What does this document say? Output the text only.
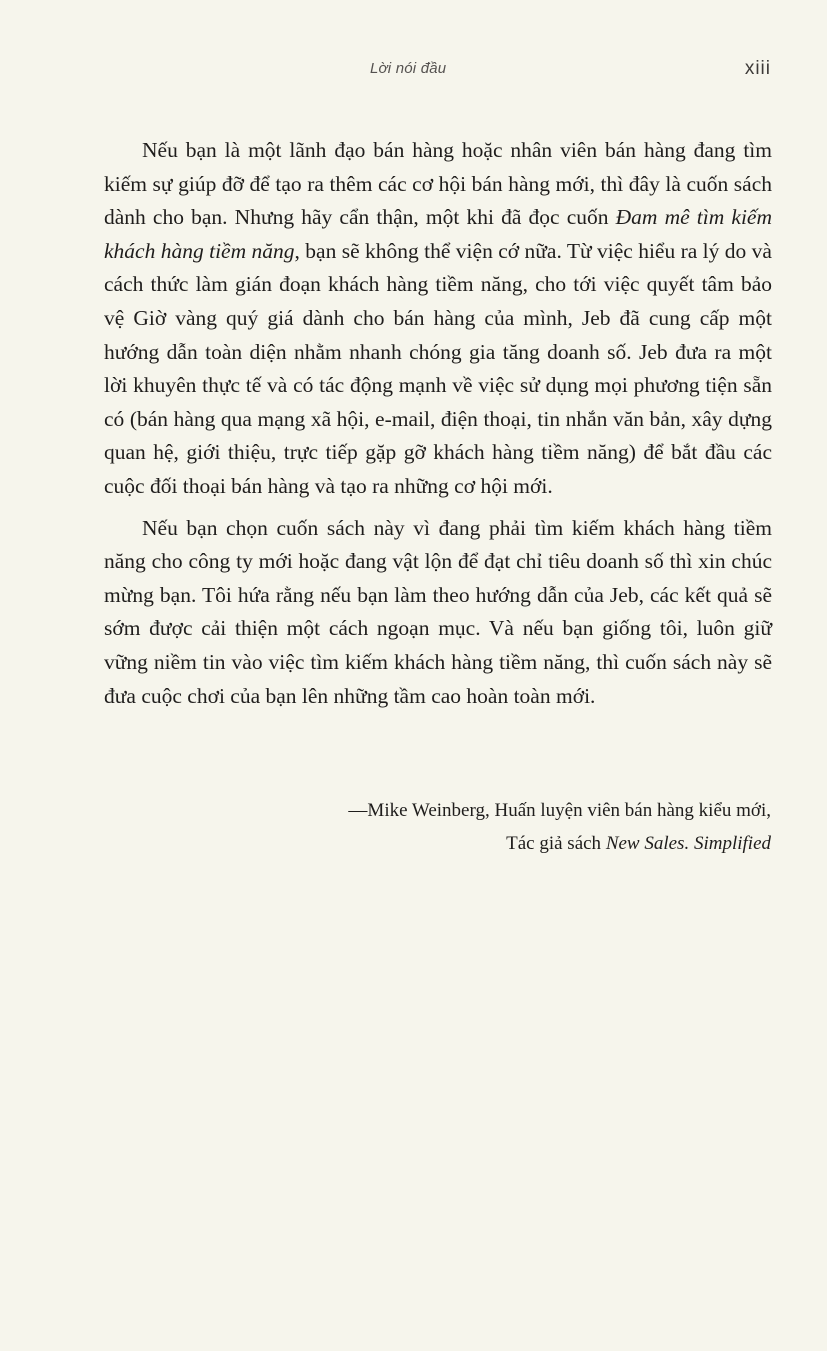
Lời nói đầu	xiii

Nếu bạn là một lãnh đạo bán hàng hoặc nhân viên bán hàng đang tìm kiếm sự giúp đỡ để tạo ra thêm các cơ hội bán hàng mới, thì đây là cuốn sách dành cho bạn. Nhưng hãy cẩn thận, một khi đã đọc cuốn Đam mê tìm kiếm khách hàng tiềm năng, bạn sẽ không thể viện cớ nữa. Từ việc hiểu ra lý do và cách thức làm gián đoạn khách hàng tiềm năng, cho tới việc quyết tâm bảo vệ Giờ vàng quý giá dành cho bán hàng của mình, Jeb đã cung cấp một hướng dẫn toàn diện nhằm nhanh chóng gia tăng doanh số. Jeb đưa ra một lời khuyên thực tế và có tác động mạnh về việc sử dụng mọi phương tiện sẵn có (bán hàng qua mạng xã hội, e-mail, điện thoại, tin nhắn văn bản, xây dựng quan hệ, giới thiệu, trực tiếp gặp gỡ khách hàng tiềm năng) để bắt đầu các cuộc đối thoại bán hàng và tạo ra những cơ hội mới.

Nếu bạn chọn cuốn sách này vì đang phải tìm kiếm khách hàng tiềm năng cho công ty mới hoặc đang vật lộn để đạt chỉ tiêu doanh số thì xin chúc mừng bạn. Tôi hứa rằng nếu bạn làm theo hướng dẫn của Jeb, các kết quả sẽ sớm được cải thiện một cách ngoạn mục. Và nếu bạn giống tôi, luôn giữ vững niềm tin vào việc tìm kiếm khách hàng tiềm năng, thì cuốn sách này sẽ đưa cuộc chơi của bạn lên những tầm cao hoàn toàn mới.

—Mike Weinberg, Huấn luyện viên bán hàng kiểu mới,
Tác giả sách New Sales. Simplified
